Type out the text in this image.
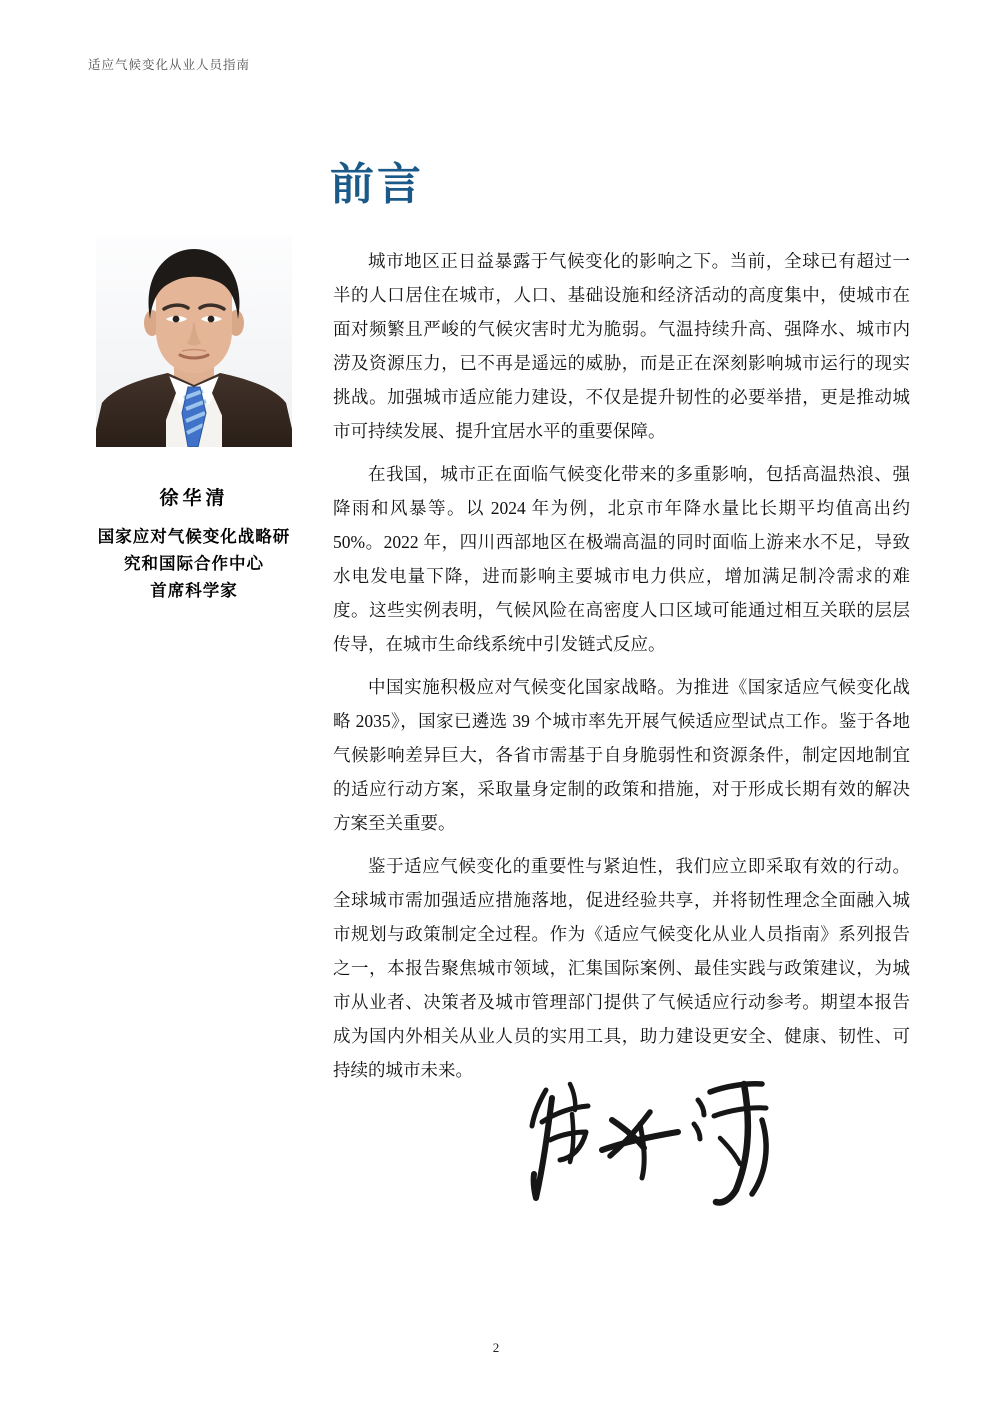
适应气候变化从业人员指南
前言
徐华清
国家应对气候变化战略研
究和国际合作中心
首席科学家

城市地区正日益暴露于气候变化的影响之下。当前，全球已有超过一半的人口居住在城市，人口、基础设施和经济活动的高度集中，使城市在面对频繁且严峻的气候灾害时尤为脆弱。气温持续升高、强降水、城市内涝及资源压力，已不再是遥远的威胁，而是正在深刻影响城市运行的现实挑战。加强城市适应能力建设，不仅是提升韧性的必要举措，更是推动城市可持续发展、提升宜居水平的重要保障。

在我国，城市正在面临气候变化带来的多重影响，包括高温热浪、强降雨和风暴等。以 2024 年为例，北京市年降水量比长期平均值高出约 50%。2022 年，四川西部地区在极端高温的同时面临上游来水不足，导致水电发电量下降，进而影响主要城市电力供应，增加满足制冷需求的难度。这些实例表明，气候风险在高密度人口区域可能通过相互关联的层层传导，在城市生命线系统中引发链式反应。

中国实施积极应对气候变化国家战略。为推进《国家适应气候变化战略 2035》，国家已遴选 39 个城市率先开展气候适应型试点工作。鉴于各地气候影响差异巨大，各省市需基于自身脆弱性和资源条件，制定因地制宜的适应行动方案，采取量身定制的政策和措施，对于形成长期有效的解决方案至关重要。

鉴于适应气候变化的重要性与紧迫性，我们应立即采取有效的行动。全球城市需加强适应措施落地，促进经验共享，并将韧性理念全面融入城市规划与政策制定全过程。作为《适应气候变化从业人员指南》系列报告之一，本报告聚焦城市领域，汇集国际案例、最佳实践与政策建议，为城市从业者、决策者及城市管理部门提供了气候适应行动参考。期望本报告成为国内外相关从业人员的实用工具，助力建设更安全、健康、韧性、可持续的城市未来。

2
